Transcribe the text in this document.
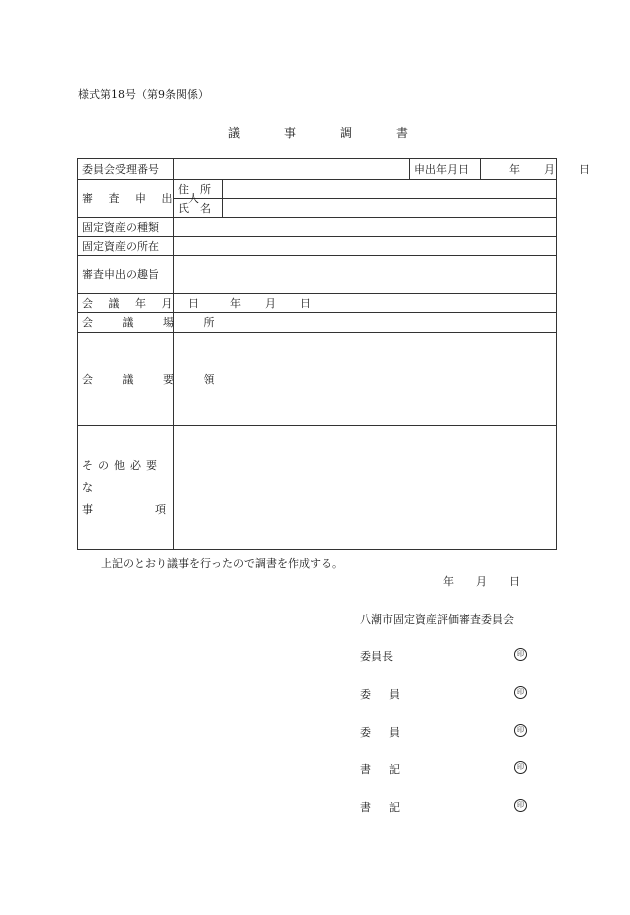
様式第18号（第9条関係）
議	事	調	書
委員会受理番号		申出年月日	年 月 日
審 査 申 出 人	住　所	
	氏　名	
固定資産の種類		
固定資産の所在		
審査申出の趣旨		
会 議 年 月 日	年 月 日	
会 議 場 所		
会 議 要 領		

その他必要な
事 項		

上記のとおり議事を行ったので調書を作成する。
年 月 日
八潮市固定資産評価審査委員会
委員長	印
委 員	印
委 員	印
書 記	印
書 記	印
